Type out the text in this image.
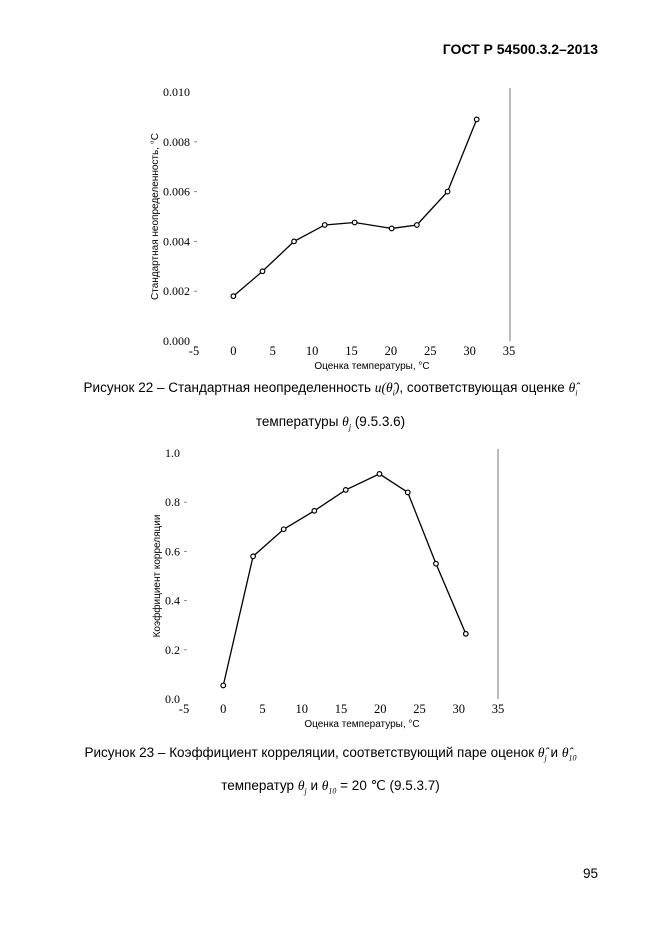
ГОСТ Р 54500.3.2–2013
0.000
0.002
0.004
0.006
0.008
0.010
-5 0	5 10 15 20 25 30 35
Стандартная неопределенность, °C
Оценка температуры, °C
Рисунок 22 – Стандартная неопределенность $u(\thetâ_i)$, соответствующая оценке $\thetâ_i$
температуры $\theta_j$ (9.5.3.6)
0.0
0.2
0.4
0.6
0.8
1.0
-5 0	5 10 15 20 25 30 35
Коэффициент корреляции
Оценка температуры, °C
Рисунок 23 – Коэффициент корреляции, соответствующий паре оценок $\thetâ_j$ и $\thetâ_{10}$
температур $\theta_j$ и $\theta_{10} = 20$ ℃ (9.5.3.7)
95
